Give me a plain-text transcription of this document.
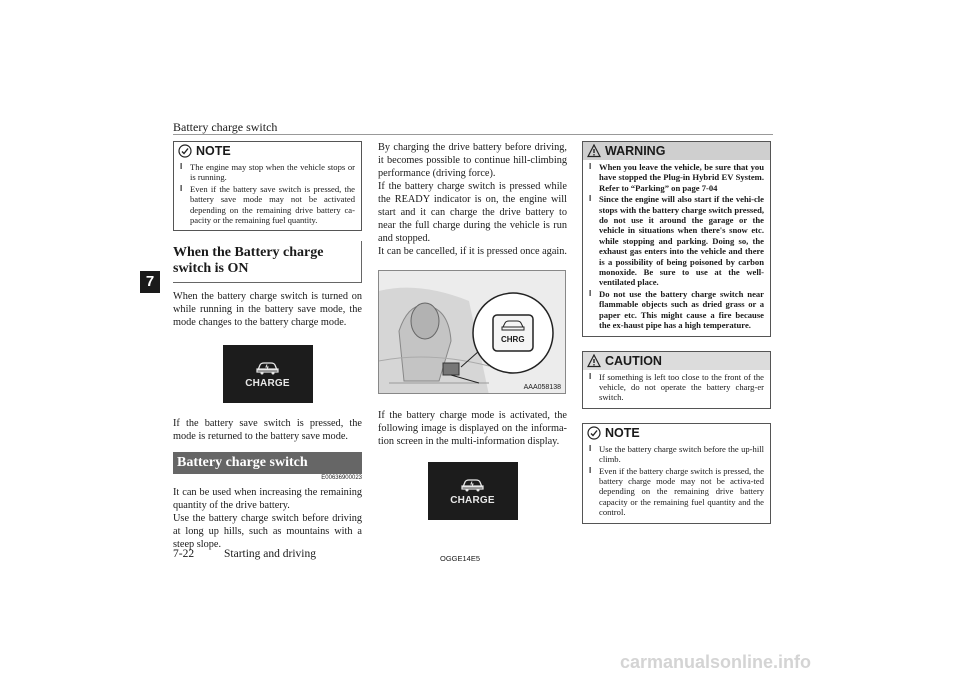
Battery charge switch
7
NOTE
l The engine may stop when the vehicle stops or is running.
l Even if the battery save switch is pressed, the battery save mode may not be activated depending on the remaining drive battery ca-pacity or the remaining fuel quantity.
When the Battery charge switch is ON

When the battery charge switch is turned on while running in the battery save mode, the mode changes to the battery charge mode.

CHARGE

If the battery save switch is pressed, the mode is returned to the battery save mode.

Battery charge switch
E00636900023

It can be used when increasing the remaining quantity of the drive battery.

Use the battery charge switch before driving at long up hills, such as mountains with a steep slope.

By charging the drive battery before driving, it becomes possible to continue hill-climbing performance (driving force).

If the battery charge switch is pressed while the READY indicator is on, the engine will start and it can charge the drive battery to near the full charge during the vehicle is run and stopped.

It can be cancelled, if it is pressed once again.

CHRG
AAA058138

If the battery charge mode is activated, the following image is displayed on the informa-tion screen in the multi-information display.

CHARGE
WARNING
l When you leave the vehicle, be sure that you have stopped the Plug-in Hybrid EV System. Refer to “Parking” on page 7-04
l Since the engine will also start if the vehi-cle stops with the battery charge switch pressed, do not use it around the garage or the vehicle in situations when there's snow etc. while stopping and parking. Doing so, the exhaust gas enters into the vehicle and there is a possibility of being poisoned by carbon monoxide. Be sure to use at the well-ventilated place.
l Do not use the battery charge switch near flammable objects such as dried grass or a paper etc. This might cause a fire because the ex-haust pipe has a high temperature.
CAUTION
l If something is left too close to the front of the vehicle, do not operate the battery charg-er switch.
NOTE
l Use the battery charge switch before the up-hill climb.
l Even if the battery charge switch is pressed, the battery charge mode may not be activa-ted depending on the remaining drive battery capacity or the remaining fuel quantity and the control.
7-22	Starting and driving	OGGE14E5
carmanualsonline.info
